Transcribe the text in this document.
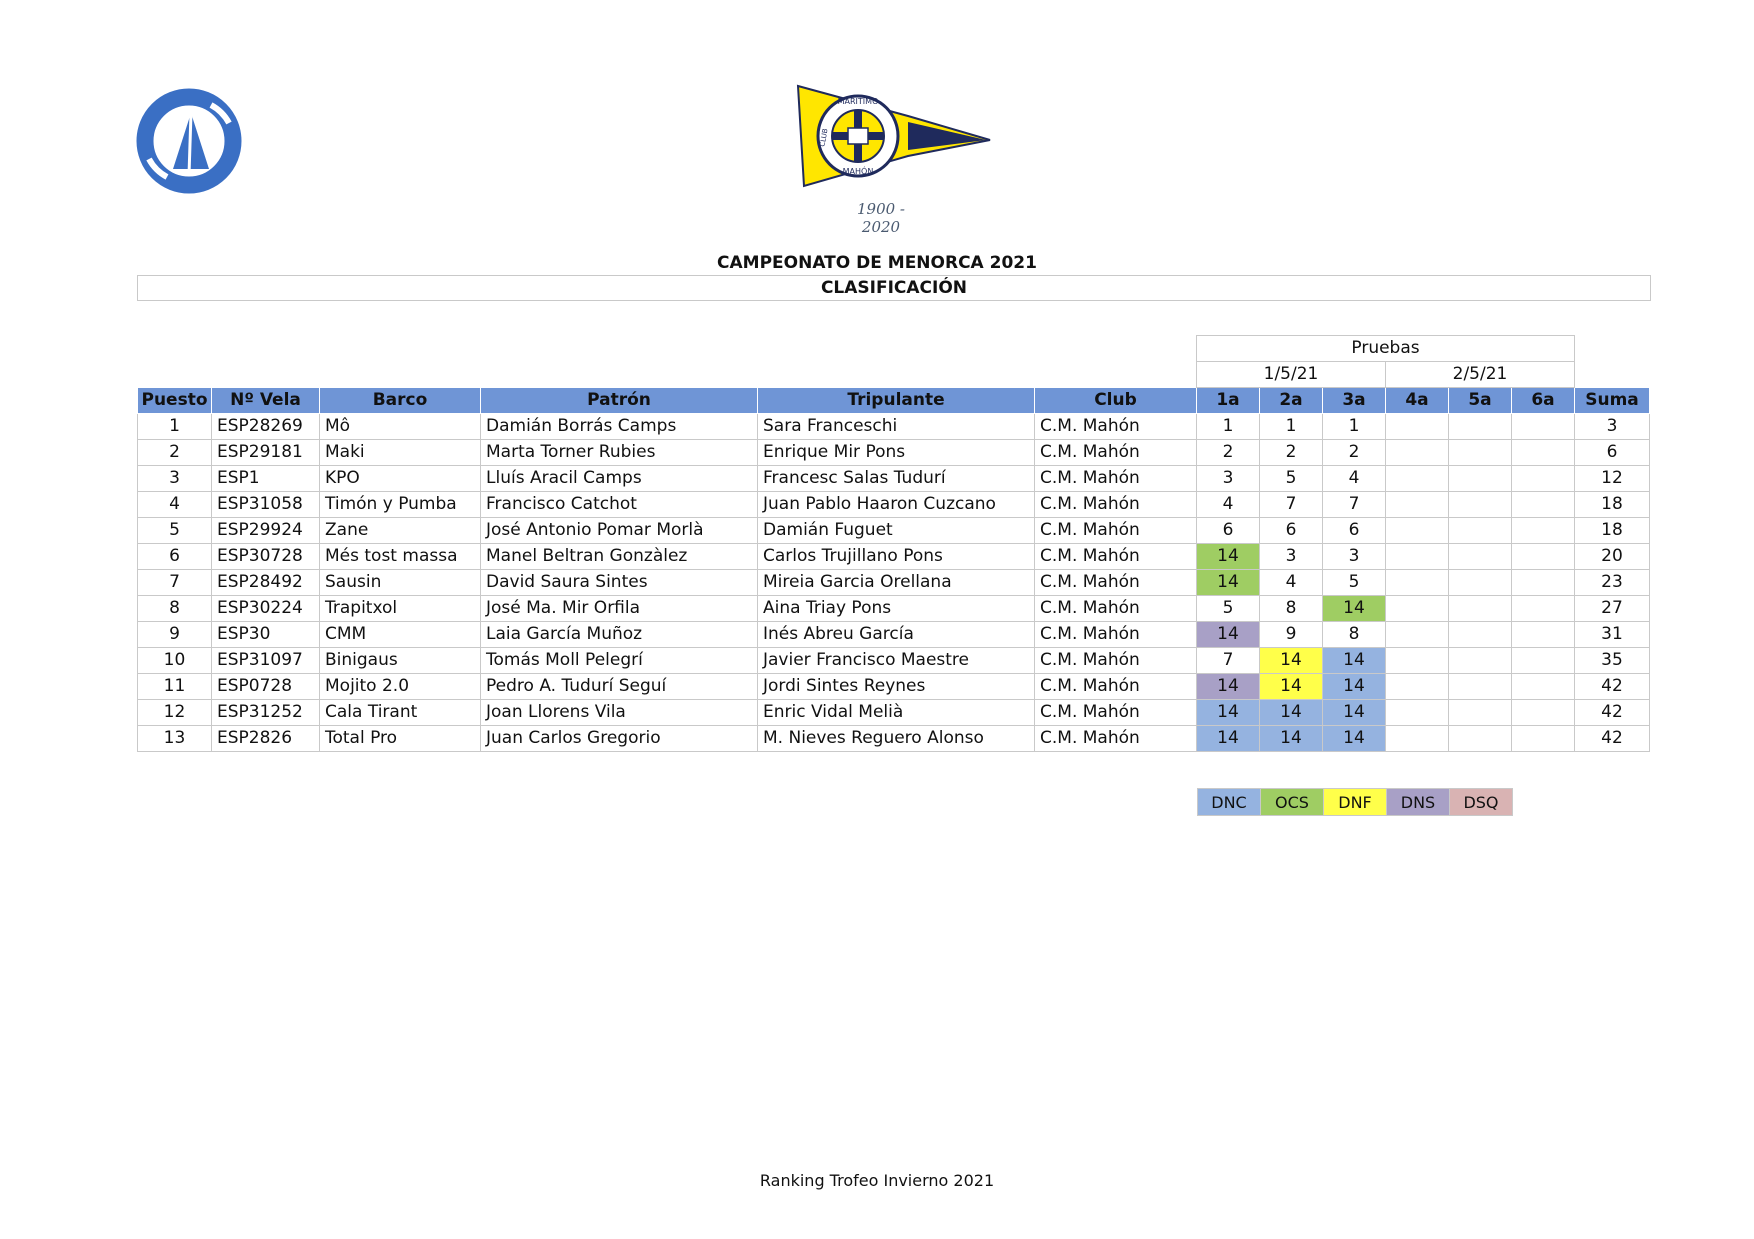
MARITIMO
CLUB
MAHÓN
1900 - 2020
CAMPEONATO DE MENORCA 2021
CLASIFICACIÓN
						Pruebas						
						1/5/21			2/5/21			
Puesto	Nº Vela	Barco	Patrón	Tripulante	Club	1a	2a	3a	4a	5a	6a	Suma
1	ESP28269	Mô	Damián Borrás Camps	Sara Franceschi	C.M. Mahón	1	1	1				3
2	ESP29181	Maki	Marta Torner Rubies	Enrique Mir Pons	C.M. Mahón	2	2	2				6
3	ESP1	KPO	Lluís Aracil Camps	Francesc Salas Tudurí	C.M. Mahón	3	5	4				12
4	ESP31058	Timón y Pumba	Francisco Catchot	Juan Pablo Haaron Cuzcano	C.M. Mahón	4	7	7				18
5	ESP29924	Zane	José Antonio Pomar Morlà	Damián Fuguet	C.M. Mahón	6	6	6				18
6	ESP30728	Més tost massa	Manel Beltran Gonzàlez	Carlos Trujillano Pons	C.M. Mahón	14	3	3				20
7	ESP28492	Sausin	David Saura Sintes	Mireia Garcia Orellana	C.M. Mahón	14	4	5				23
8	ESP30224	Trapitxol	José Ma. Mir Orfila	Aina Triay Pons	C.M. Mahón	5	8	14				27
9	ESP30	CMM	Laia García Muñoz	Inés Abreu García	C.M. Mahón	14	9	8				31
10	ESP31097	Binigaus	Tomás Moll Pelegrí	Javier Francisco Maestre	C.M. Mahón	7	14	14				35
11	ESP0728	Mojito 2.0	Pedro A. Tudurí Seguí	Jordi Sintes Reynes	C.M. Mahón	14	14	14				42
12	ESP31252	Cala Tirant	Joan Llorens Vila	Enric Vidal Melià	C.M. Mahón	14	14	14				42
13	ESP2826	Total Pro	Juan Carlos Gregorio	M. Nieves Reguero Alonso	C.M. Mahón	14	14	14				42
DNC	OCS	DNF	DNS	DSQ
Ranking Trofeo Invierno 2021
